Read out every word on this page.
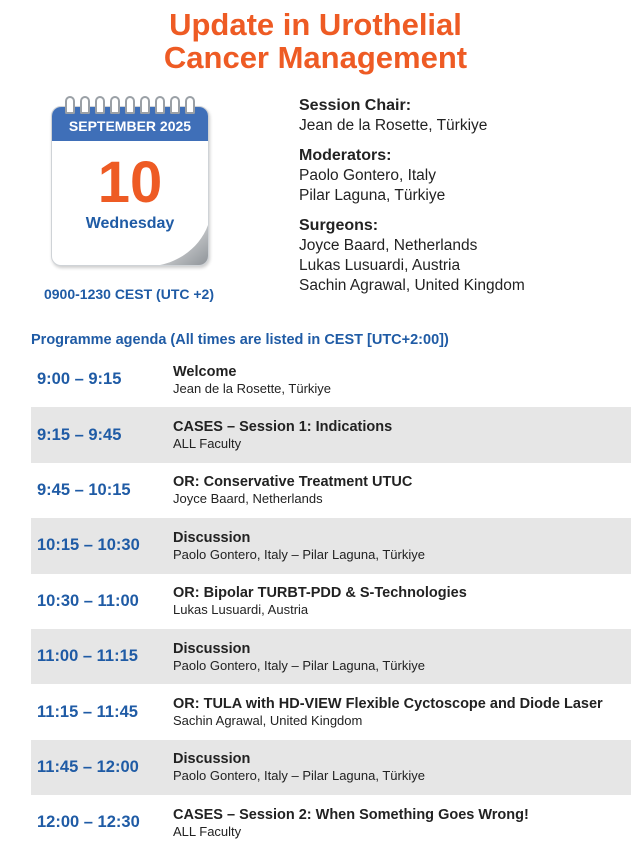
Update in Urothelial
Cancer Management
SEPTEMBER 2025
10
Wednesday
0900-1230 CEST (UTC +2)
Session Chair:
Jean de la Rosette, Türkiye
Moderators:
Paolo Gontero, Italy
Pilar Laguna, Türkiye
Surgeons:
Joyce Baard, Netherlands
Lukas Lusuardi, Austria
Sachin Agrawal, United Kingdom
Programme agenda (All times are listed in CEST [UTC+2:00])
9:00 – 9:15	Welcome
Jean de la Rosette, Türkiye
9:15 – 9:45	CASES – Session 1: Indications
ALL Faculty
9:45 – 10:15	OR: Conservative Treatment UTUC
Joyce Baard, Netherlands
10:15 – 10:30	Discussion
Paolo Gontero, Italy – Pilar Laguna, Türkiye
10:30 – 11:00	OR: Bipolar TURBT-PDD & S-Technologies
Lukas Lusuardi, Austria
11:00 – 11:15	Discussion
Paolo Gontero, Italy – Pilar Laguna, Türkiye
11:15 – 11:45	OR: TULA with HD-VIEW Flexible Cyctoscope and Diode Laser
Sachin Agrawal, United Kingdom
11:45 – 12:00	Discussion
Paolo Gontero, Italy – Pilar Laguna, Türkiye
12:00 – 12:30	CASES – Session 2: When Something Goes Wrong!
ALL Faculty
